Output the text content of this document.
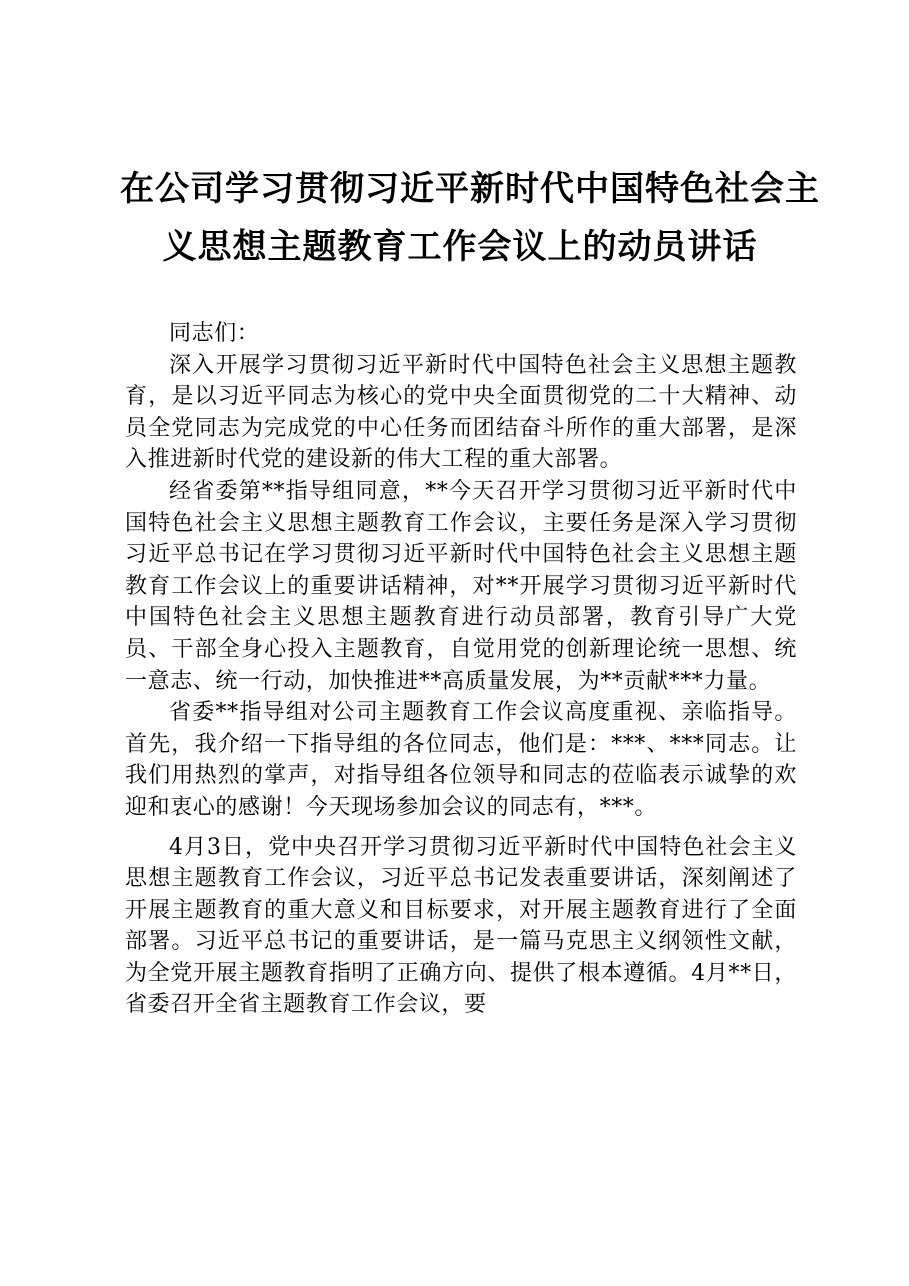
在公司学习贯彻习近平新时代中国特色社会主
义思想主题教育工作会议上的动员讲话

同志们：

深入开展学习贯彻习近平新时代中国特色社会主义思想主题教育，是以习近平同志为核心的党中央全面贯彻党的二十大精神、动员全党同志为完成党的中心任务而团结奋斗所作的重大部署，是深入推进新时代党的建设新的伟大工程的重大部署。

经省委第**指导组同意，**今天召开学习贯彻习近平新时代中国特色社会主义思想主题教育工作会议，主要任务是深入学习贯彻习近平总书记在学习贯彻习近平新时代中国特色社会主义思想主题教育工作会议上的重要讲话精神，对**开展学习贯彻习近平新时代中国特色社会主义思想主题教育进行动员部署，教育引导广大党员、干部全身心投入主题教育，自觉用党的创新理论统一思想、统一意志、统一行动，加快推进**高质量发展，为**贡献***力量。

省委**指导组对公司主题教育工作会议高度重视、亲临指导。首先，我介绍一下指导组的各位同志，他们是：***、***同志。让我们用热烈的掌声，对指导组各位领导和同志的莅临表示诚挚的欢迎和衷心的感谢！今天现场参加会议的同志有，***。

4月3日，党中央召开学习贯彻习近平新时代中国特色社会主义思想主题教育工作会议，习近平总书记发表重要讲话，深刻阐述了开展主题教育的重大意义和目标要求，对开展主题教育进行了全面部署。习近平总书记的重要讲话，是一篇马克思主义纲领性文献，为全党开展主题教育指明了正确方向、提供了根本遵循。4月**日，省委召开全省主题教育工作会议，要
